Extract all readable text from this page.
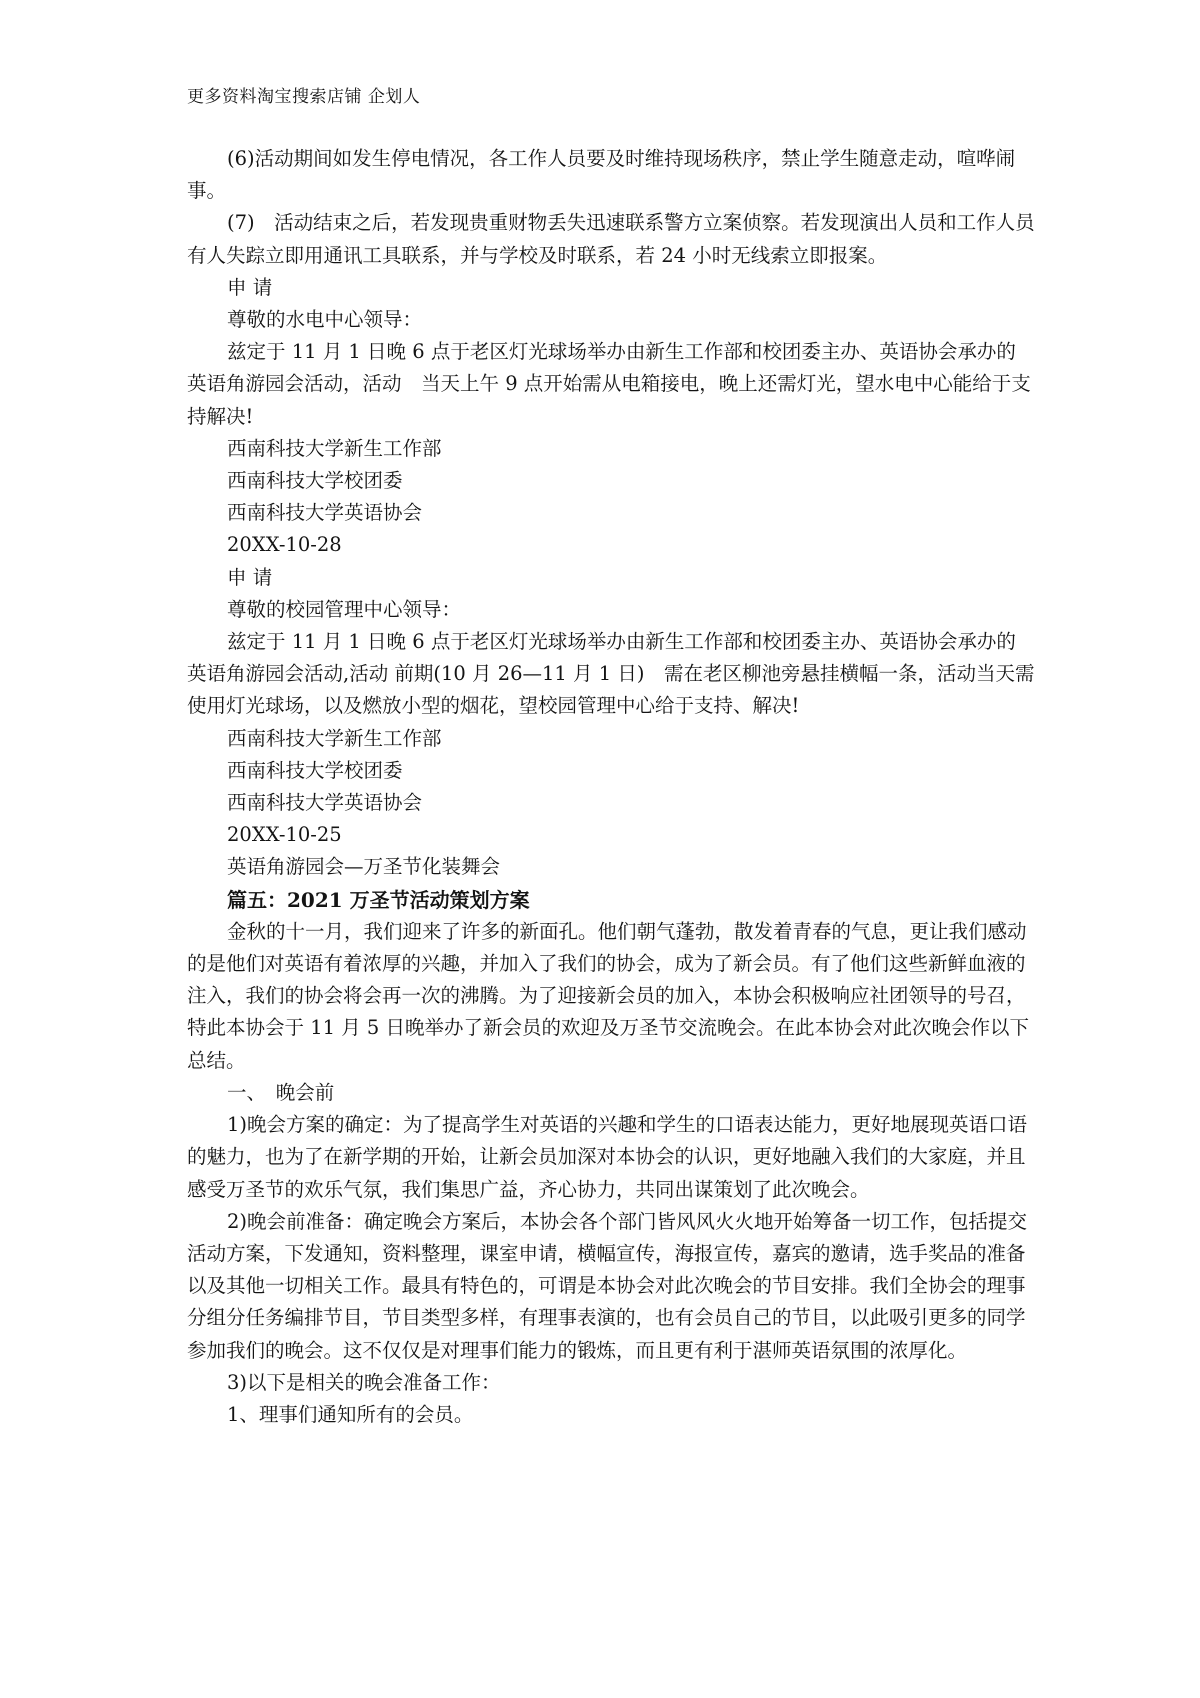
更多资料淘宝搜索店铺 企划人

(6)活动期间如发生停电情况，各工作人员要及时维持现场秩序，禁止学生随意走动，喧哗闹事。

(7)　活动结束之后，若发现贵重财物丢失迅速联系警方立案侦察。若发现演出人员和工作人员有人失踪立即用通讯工具联系，并与学校及时联系，若 24 小时无线索立即报案。

申 请

尊敬的水电中心领导：

兹定于 11 月 1 日晚 6 点于老区灯光球场举办由新生工作部和校团委主办、英语协会承办的英语角游园会活动，活动　当天上午 9 点开始需从电箱接电，晚上还需灯光，望水电中心能给于支持解决!

西南科技大学新生工作部

西南科技大学校团委

西南科技大学英语协会

20XX-10-28

申 请

尊敬的校园管理中心领导：

兹定于 11 月 1 日晚 6 点于老区灯光球场举办由新生工作部和校团委主办、英语协会承办的英语角游园会活动,活动 前期(10 月 26—11 月 1 日)　需在老区柳池旁悬挂横幅一条，活动当天需使用灯光球场，以及燃放小型的烟花，望校园管理中心给于支持、解决!

西南科技大学新生工作部

西南科技大学校团委

西南科技大学英语协会

20XX-10-25

英语角游园会—万圣节化装舞会

篇五：2021 万圣节活动策划方案

金秋的十一月，我们迎来了许多的新面孔。他们朝气蓬勃，散发着青春的气息，更让我们感动的是他们对英语有着浓厚的兴趣，并加入了我们的协会，成为了新会员。有了他们这些新鲜血液的注入，我们的协会将会再一次的沸腾。为了迎接新会员的加入，本协会积极响应社团领导的号召，特此本协会于 11 月 5 日晚举办了新会员的欢迎及万圣节交流晚会。在此本协会对此次晚会作以下总结。

一、　晚会前

1)晚会方案的确定：为了提高学生对英语的兴趣和学生的口语表达能力，更好地展现英语口语的魅力，也为了在新学期的开始，让新会员加深对本协会的认识，更好地融入我们的大家庭，并且感受万圣节的欢乐气氛，我们集思广益，齐心协力，共同出谋策划了此次晚会。

2)晚会前准备：确定晚会方案后，本协会各个部门皆风风火火地开始筹备一切工作，包括提交活动方案，下发通知，资料整理，课室申请，横幅宣传，海报宣传，嘉宾的邀请，选手奖品的准备以及其他一切相关工作。最具有特色的，可谓是本协会对此次晚会的节目安排。我们全协会的理事分组分任务编排节目，节目类型多样，有理事表演的，也有会员自己的节目，以此吸引更多的同学参加我们的晚会。这不仅仅是对理事们能力的锻炼，而且更有利于湛师英语氛围的浓厚化。

3)以下是相关的晚会准备工作：

1、理事们通知所有的会员。
